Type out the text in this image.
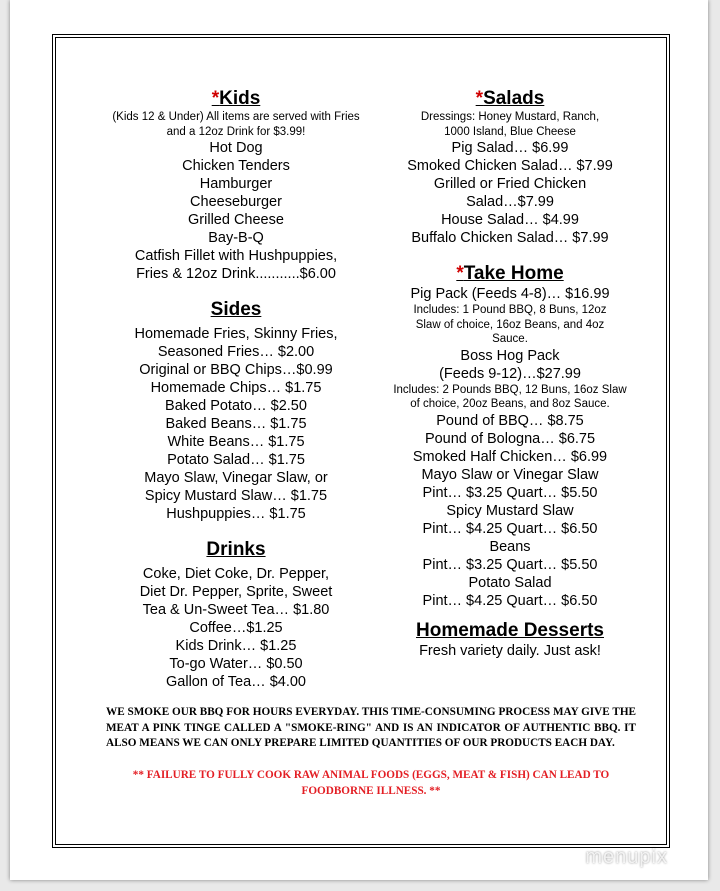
*Kids
(Kids 12 & Under) All items are served with Fries and a 12oz Drink for $3.99!
Hot Dog
Chicken Tenders
Hamburger
Cheeseburger
Grilled Cheese
Bay-B-Q
Catfish Fillet with Hushpuppies,
Fries & 12oz Drink...........$6.00
Sides
Homemade Fries, Skinny Fries,
Seasoned Fries… $2.00
Original or BBQ Chips…$0.99
Homemade Chips… $1.75
Baked Potato… $2.50
Baked Beans… $1.75
White Beans… $1.75
Potato Salad… $1.75
Mayo Slaw, Vinegar Slaw, or
Spicy Mustard Slaw… $1.75
Hushpuppies… $1.75
Drinks
Coke, Diet Coke, Dr. Pepper,
Diet Dr. Pepper, Sprite, Sweet
Tea & Un-Sweet Tea… $1.80
Coffee…$1.25
Kids Drink… $1.25
To-go Water… $0.50
Gallon of Tea… $4.00
*Salads
Dressings: Honey Mustard, Ranch, 1000 Island, Blue Cheese
Pig Salad… $6.99
Smoked Chicken Salad… $7.99
Grilled or Fried Chicken
Salad…$7.99
House Salad… $4.99
Buffalo Chicken Salad… $7.99
*Take Home
Pig Pack (Feeds 4-8)… $16.99
Includes: 1 Pound BBQ, 8 Buns, 12oz Slaw of choice, 16oz Beans, and 4oz Sauce.
Boss Hog Pack
(Feeds 9-12)…$27.99
Includes: 2 Pounds BBQ, 12 Buns, 16oz Slaw of choice, 20oz Beans, and 8oz Sauce.
Pound of BBQ… $8.75
Pound of Bologna… $6.75
Smoked Half Chicken… $6.99
Mayo Slaw or Vinegar Slaw
Pint… $3.25 Quart… $5.50
Spicy Mustard Slaw
Pint… $4.25 Quart… $6.50
Beans
Pint… $3.25 Quart… $5.50
Potato Salad
Pint… $4.25 Quart… $6.50
Homemade Desserts
Fresh variety daily. Just ask!
WE SMOKE OUR BBQ FOR HOURS EVERYDAY. THIS TIME-CONSUMING PROCESS MAY GIVE THE MEAT A PINK TINGE CALLED A "SMOKE-RING" AND IS AN INDICATOR OF AUTHENTIC BBQ. IT ALSO MEANS WE CAN ONLY PREPARE LIMITED QUANTITIES OF OUR PRODUCTS EACH DAY.
** FAILURE TO FULLY COOK RAW ANIMAL FOODS (EGGS, MEAT & FISH) CAN LEAD TO FOODBORNE ILLNESS. **
menupix
